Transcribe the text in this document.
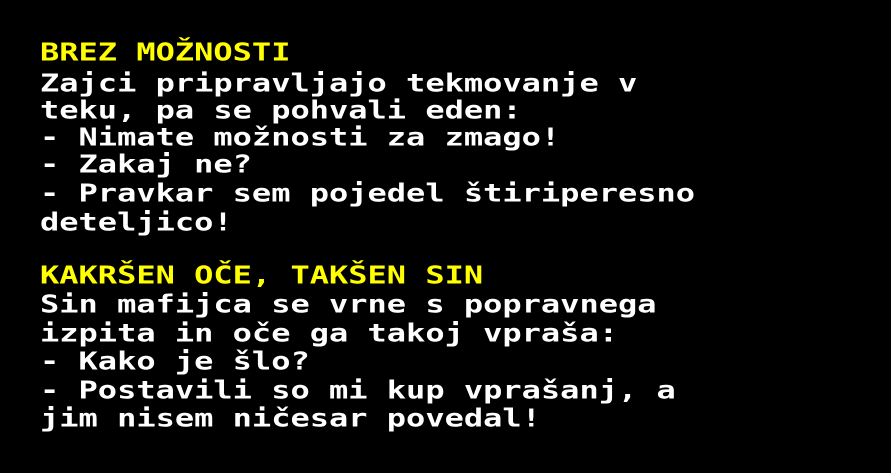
BREZ MOŽNOSTI
Zajci pripravljajo tekmovanje v
teku, pa se pohvali eden:
- Nimate možnosti za zmago!
- Zakaj ne?
- Pravkar sem pojedel štiriperesno
deteljico!
KAKRŠEN OČE, TAKŠEN SIN
Sin mafijca se vrne s popravnega
izpita in oče ga takoj vpraša:
- Kako je šlo?
- Postavili so mi kup vprašanj, a
jim nisem ničesar povedal!
